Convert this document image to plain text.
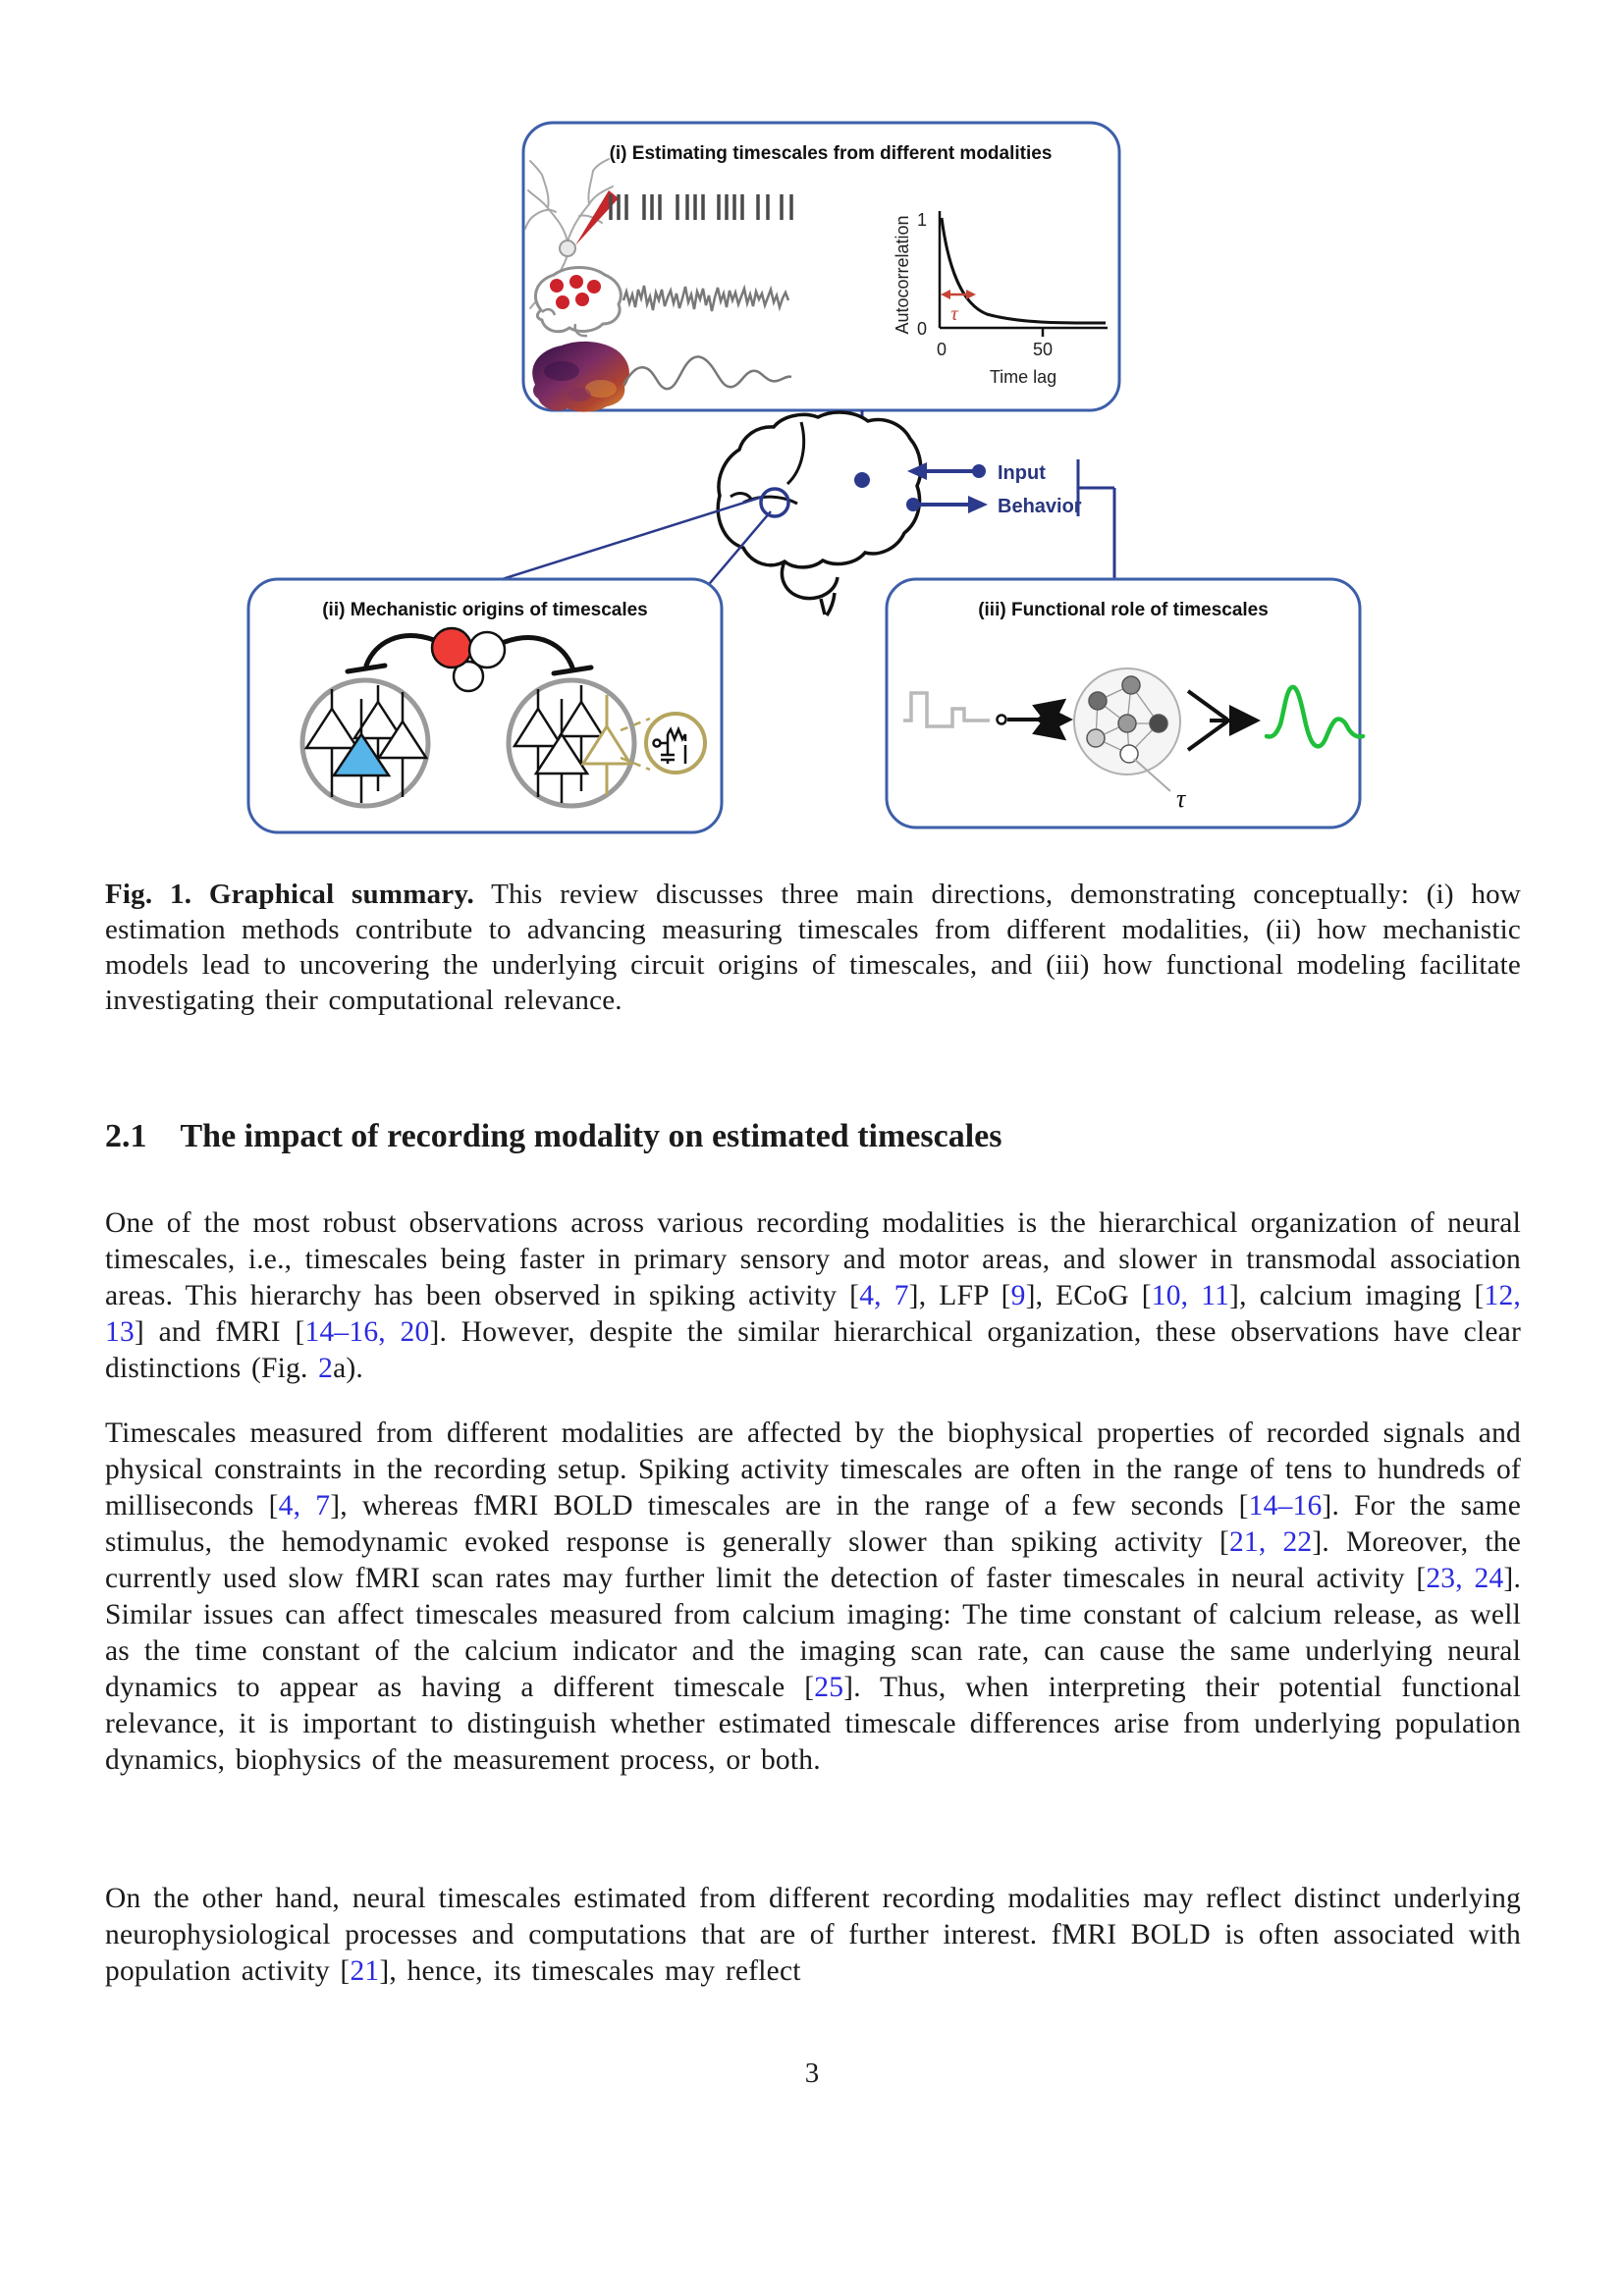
(i) Estimating timescales from different modalities
1
0
0	50
Time lag
Autocorrelation τ
Input
Behavior
(ii) Mechanistic origins of timescales	(iii) Functional role of timescales
τ

Fig. 1. Graphical summary. This review discusses three main directions, demonstrating conceptually: (i) how estimation methods contribute to advancing measuring timescales from different modalities, (ii) how mechanistic models lead to uncovering the underlying circuit origins of timescales, and (iii) how functional modeling facilitate investigating their computational relevance.

2.1 The impact of recording modality on estimated timescales

One of the most robust observations across various recording modalities is the hierarchical organization of neural timescales, i.e., timescales being faster in primary sensory and motor areas, and slower in transmodal association areas. This hierarchy has been observed in spiking activity [4, 7], LFP [9], ECoG [10, 11], calcium imaging [12, 13] and fMRI [14–16, 20]. However, despite the similar hierarchical organization, these observations have clear distinctions (Fig. 2a).

Timescales measured from different modalities are affected by the biophysical properties of recorded signals and physical constraints in the recording setup. Spiking activity timescales are often in the range of tens to hundreds of milliseconds [4, 7], whereas fMRI BOLD timescales are in the range of a few seconds [14–16]. For the same stimulus, the hemodynamic evoked response is generally slower than spiking activity [21, 22]. Moreover, the currently used slow fMRI scan rates may further limit the detection of faster timescales in neural activity [23, 24]. Similar issues can affect timescales measured from calcium imaging: The time constant of calcium release, as well as the time constant of the calcium indicator and the imaging scan rate, can cause the same underlying neural dynamics to appear as having a different timescale [25]. Thus, when interpreting their potential functional relevance, it is important to distinguish whether estimated timescale differences arise from underlying population dynamics, biophysics of the measurement process, or both.

On the other hand, neural timescales estimated from different recording modalities may reflect distinct underlying neurophysiological processes and computations that are of further interest. fMRI BOLD is often associated with population activity [21], hence, its timescales may reflect

3
